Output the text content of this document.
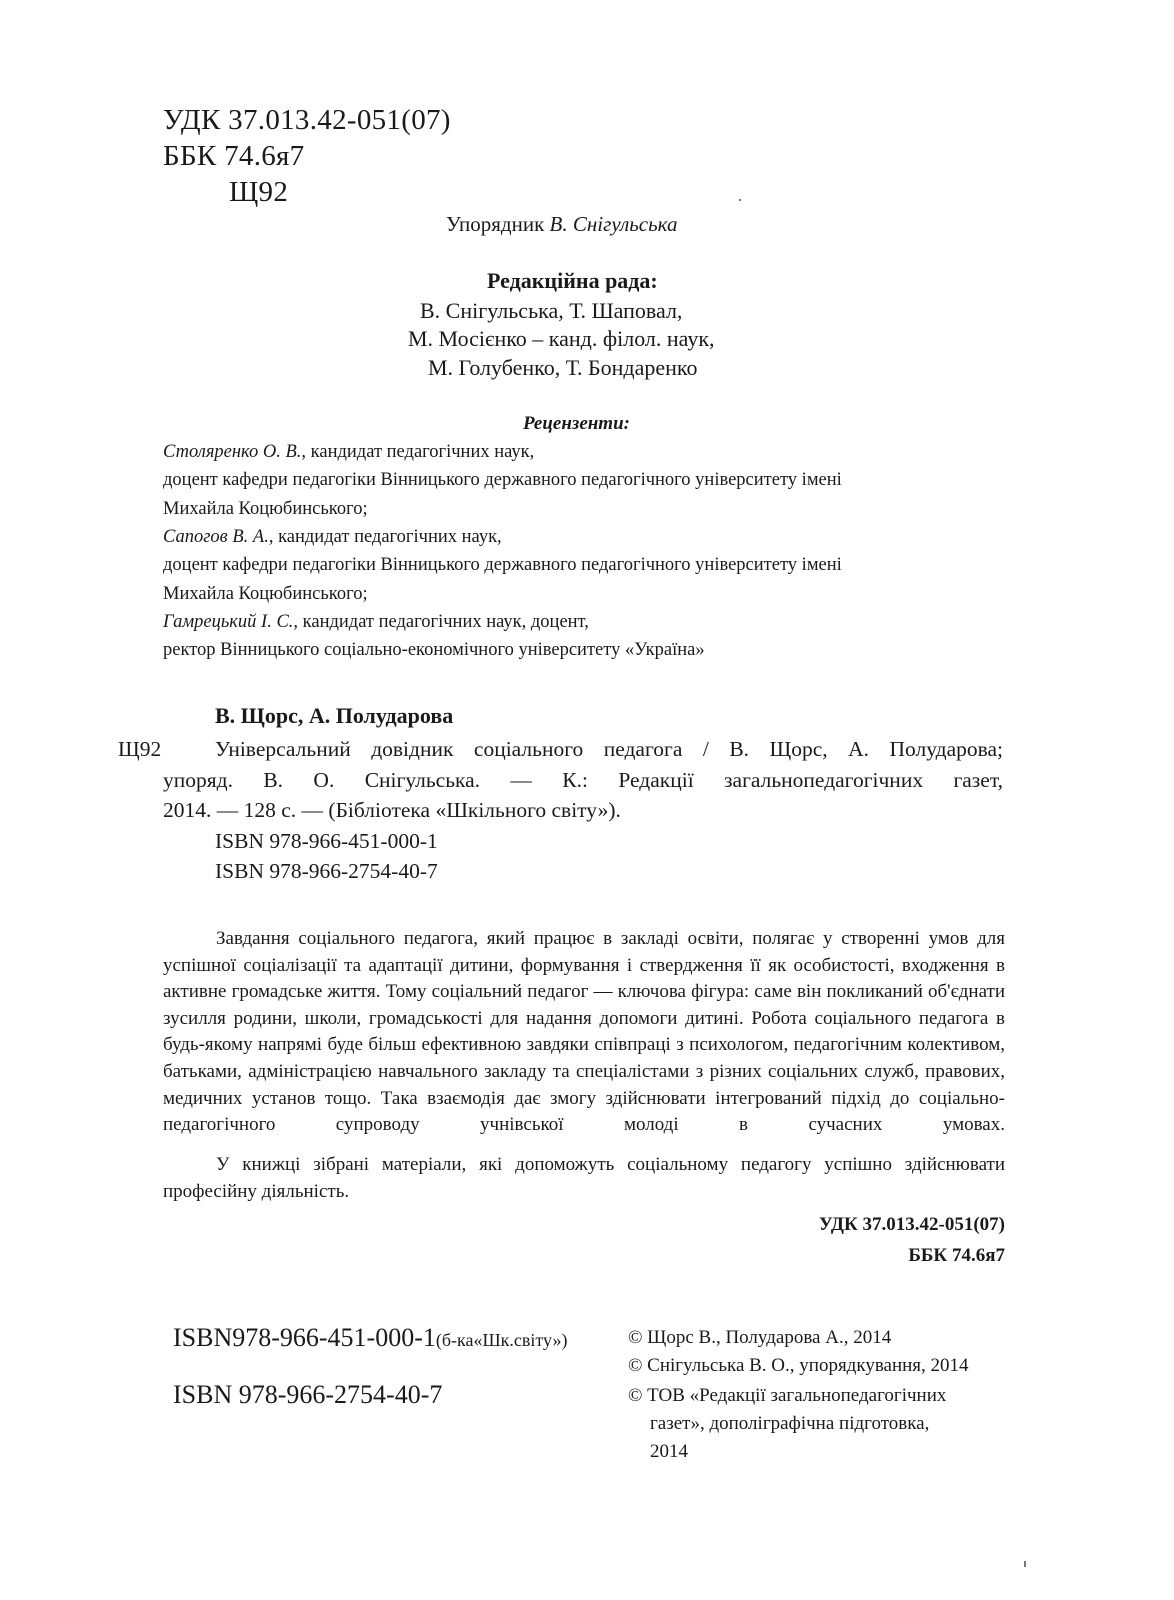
УДК 37.013.42-051(07)
ББК 74.6я7
Щ92
Упорядник В. Снігульська
Редакційна рада:
В. Снігульська, Т. Шаповал,
М. Мосієнко – канд. філол. наук,
М. Голубенко, Т. Бондаренко
Рецензенти:
Столяренко О. В., кандидат педагогічних наук,
доцент кафедри педагогіки Вінницького державного педагогічного університету імені
Михайла Коцюбинського;
Сапогов В. А., кандидат педагогічних наук,
доцент кафедри педагогіки Вінницького державного педагогічного університету імені
Михайла Коцюбинського;
Гамрецький І. С., кандидат педагогічних наук, доцент,
ректор Вінницького соціально-економічного університету «Україна»
В. Щорс, А. Полударова
Щ92	Універсальний довідник соціального педагога / В. Щорс, А. Полударова;
упоряд. В. О. Снігульська. — К.: Редакції загальнопедагогічних газет,
2014. — 128 с. — (Бібліотека «Шкільного світу»).
ISBN 978-966-451-000-1
ISBN 978-966-2754-40-7
Завдання соціального педагога, який працює в закладі освіти, полягає у створенні умов для успішної соціалізації та адаптації дитини, формування і ствердження її як особистості, входження в активне громадське життя. Тому соціальний педагог — ключова фігура: саме він покликаний об'єднати зусилля родини, школи, громадськості для надання допомоги дитині. Робота соціального педагога в будь-якому напрямі буде більш ефективною завдяки співпраці з психологом, педагогічним колективом, батьками, адміністрацією навчального закладу та спеціалістами з різних соціальних служб, правових, медичних установ тощо. Така взаємодія дає змогу здійснювати інтегрований підхід до соціально-педагогічного супроводу учнівської молоді в сучасних умовах.
У книжці зібрані матеріали, які допоможуть соціальному педагогу успішно здійснювати професійну діяльність.
УДК 37.013.42-051(07)
ББК 74.6я7
ISBN978-966-451-000-1(б-ка«Шк.світу»)	© Щорс В., Полударова А., 2014
© Снігульська В. О., упорядкування, 2014
ISBN 978-966-2754-40-7	© ТОВ «Редакції загальнопедагогічних
газет», дополіграфічна підготовка,
2014
